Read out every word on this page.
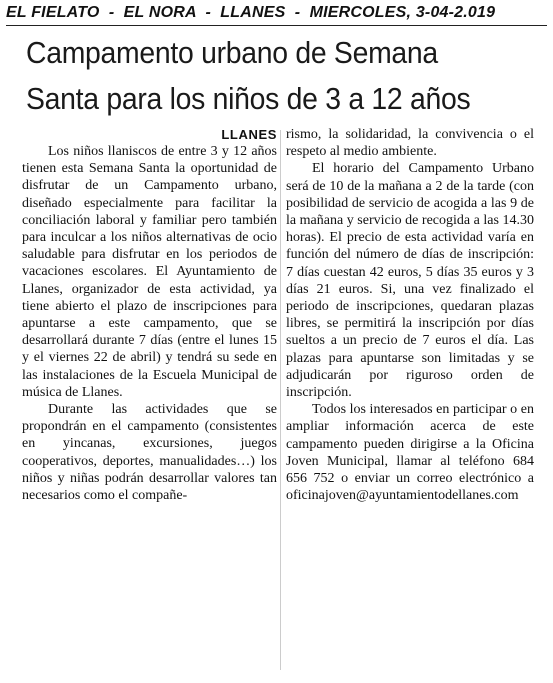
EL FIELATO  -  EL NORA  -  LLANES  -  MIERCOLES, 3-04-2.019
Campamento urbano de Semana Santa para los niños de 3 a 12 años

LLANES

Los niños llaniscos de entre 3 y 12 años tienen esta Semana Santa la oportunidad de disfrutar de un Campamento urbano, diseñado especialmente para facilitar la conciliación laboral y familiar pero también para inculcar a los niños alternativas de ocio saludable para disfrutar en los periodos de vacaciones escolares. El Ayuntamiento de Llanes, organizador de esta actividad, ya tiene abierto el plazo de inscripciones para apuntarse a este campamento, que se desarrollará durante 7 días (entre el lunes 15 y el viernes 22 de abril) y tendrá su sede en las instalaciones de la Escuela Municipal de música de Llanes.

Durante las actividades que se propondrán en el campamento (consistentes en yincanas, excursiones, juegos cooperativos, deportes, manualidades…) los niños y niñas podrán desarrollar valores tan necesarios como el compañe-

rismo, la solidaridad, la convivencia o el respeto al medio ambiente.

El horario del Campamento Urbano será de 10 de la mañana a 2 de la tarde (con posibilidad de servicio de acogida a las 9 de la mañana y servicio de recogida a las 14.30 horas). El precio de esta actividad varía en función del número de días de inscripción: 7 días cuestan 42 euros, 5 días 35 euros y 3 días 21 euros. Si, una vez finalizado el periodo de inscripciones, quedaran plazas libres, se permitirá la inscripción por días sueltos a un precio de 7 euros el día. Las plazas para apuntarse son limitadas y se adjudicarán por riguroso orden de inscripción.

Todos los interesados en participar o en ampliar información acerca de este campamento pueden dirigirse a la Oficina Joven Municipal, llamar al teléfono 684 656 752 o enviar un correo electrónico a oficinajoven@ayuntamientodellanes.com
